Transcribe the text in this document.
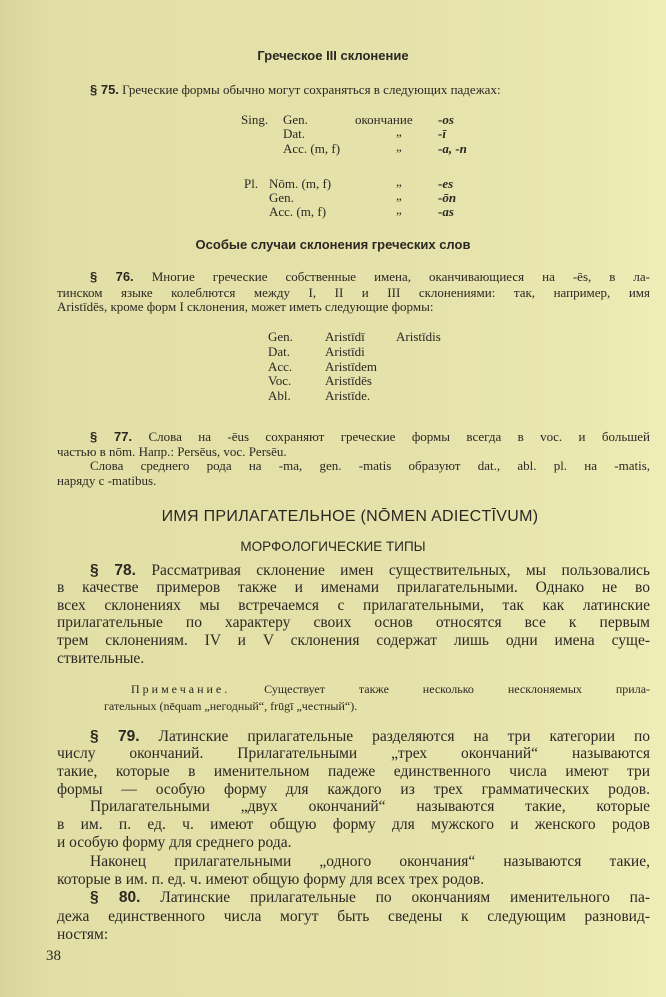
Греческое III склонение
§ 75. Греческие формы обычно могут сохраняться в следующих падежах:
Sing. Gen.	окончание -os
Dat.	„	-ī
Acc. (m, f)	„	-a, -n
Pl. Nōm. (m, f)	„	-es
Gen.	„	-ōn
Acc. (m, f)	„	-as
Особые случаи склонения греческих слов
§ 76. Многие греческие собственные имена, оканчивающиеся на -ēs, в ла-
тинском языке колеблются между I, II и III склонениями: так, например, имя
Aristīdēs, кроме форм I склонения, может иметь следующие формы:
Gen. Aristīdī Aristīdis
Dat.	Aristīdi
Acc.	Aristīdem
Voc.	Aristīdēs
Abl.	Aristīde.
§ 77. Слова на -ēus сохраняют греческие формы всегда в voc. и большей
частью в nōm. Напр.: Persēus, voc. Persēu.
Слова среднего рода на -ma, gen. -matis образуют dat., abl. pl. на -matis,
наряду с -matibus.
ИМЯ ПРИЛАГАТЕЛЬНОЕ (NŌMEN ADIECTĪVUM)
МОРФОЛОГИЧЕСКИЕ ТИПЫ
§ 78. Рассматривая склонение имен существительных, мы пользовались
в качестве примеров также и именами прилагательными. Однако не во
всех склонениях мы встречаемся с прилагательными, так как латинские
прилагательные по характеру своих основ относятся все к первым
трем склонениям. IV и V склонения содержат лишь одни имена суще-
ствительные.
Примечание.	Существует также несколько несклоняемых прила-
гательных (nēquam „негодный“, frūgī „честный“).
§ 79. Латинские прилагательные разделяются на три категории по
числу окончаний. Прилагательными „трех окончаний“ называются
такие, которые в именительном падеже единственного числа имеют три
формы — особую форму для каждого из трех грамматических родов.
Прилагательными „двух окончаний“ называются такие, которые
в им. п. ед. ч. имеют общую форму для мужского и женского родов
и особую форму для среднего рода.
Наконец прилагательными „одного окончания“ называются такие,
которые в им. п. ед. ч. имеют общую форму для всех трех родов.
§ 80. Латинские прилагательные по окончаниям именительного па-
дежа единственного числа могут быть сведены к следующим разновид-
ностям:
38
